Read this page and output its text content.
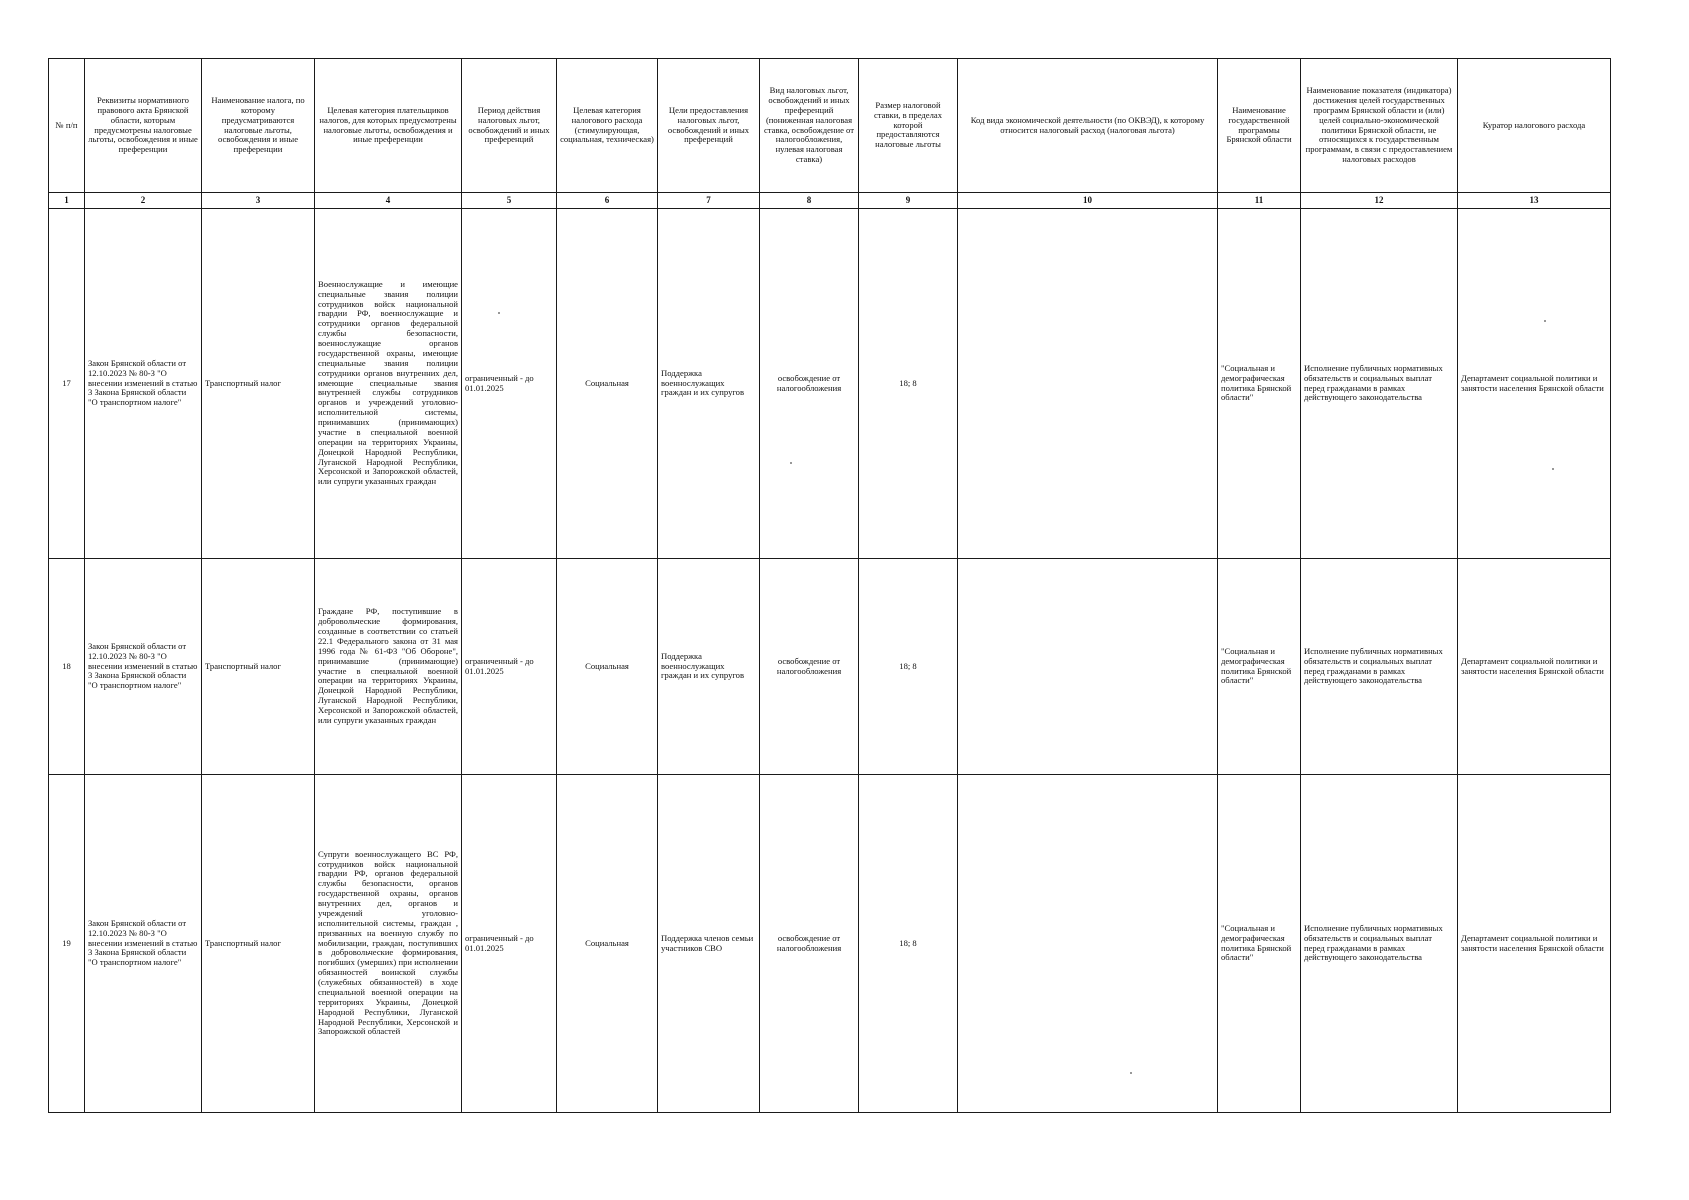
№ п/п	Реквизиты нормативного правового акта Брянской области, которым предусмотрены налоговые льготы, освобождения и иные преференции	Наименование налога, по которому предусматриваются налоговые льготы, освобождения и иные преференции	Целевая категория плательщиков налогов, для которых предусмотрены налоговые льготы, освобождения и иные преференции	Период действия налоговых льгот, освобождений и иных преференций	Целевая категория налогового расхода (стимулирующая, социальная, техническая)	Цели предоставления налоговых льгот, освобождений и иных преференций	Вид налоговых льгот, освобождений и иных преференций (пониженная налоговая ставка, освобождение от налогообложения, нулевая налоговая ставка)	Размер налоговой ставки, в пределах которой предоставляются налоговые льготы	Код вида экономической деятельности (по ОКВЭД), к которому относится налоговый расход (налоговая льгота)	Наименование государственной программы Брянской области	Наименование показателя (индикатора) достижения целей государственных программ Брянской области и (или) целей социально-экономической политики Брянской области, не относящихся к государственным программам, в связи с предоставлением налоговых расходов	Куратор налогового расхода
1	2	3	4	5	6	7	8	9	10	11	12	13
17	Закон Брянской области от 12.10.2023 № 80-З "О внесении изменений в статью 3 Закона Брянской области "О транспортном налоге"	Транспортный налог	Военнослужащие и имеющие специальные звания полиции сотрудников войск национальной гвардии РФ, военнослужащие и сотрудники органов федеральной службы безопасности, военнослужащие органов государственной охраны, имеющие специальные звания полиции сотрудники органов внутренних дел, имеющие специальные звания внутренней службы сотрудников органов и учреждений уголовно-исполнительной системы, принимавших (принимающих) участие в специальной военной операции на территориях Украины, Донецкой Народной Республики, Луганской Народной Республики, Херсонской и Запорожской областей, или супруги указанных граждан	ограниченный - до 01.01.2025	Социальная	Поддержка военнослужащих граждан и их супругов	освобождение от налогообложения	18; 8		"Социальная и демографическая политика Брянской области"	Исполнение публичных нормативных обязательств и социальных выплат перед гражданами в рамках действующего законодательства	Департамент социальной политики и занятости населения Брянской области
18	Закон Брянской области от 12.10.2023 № 80-З "О внесении изменений в статью 3 Закона Брянской области "О транспортном налоге"	Транспортный налог	Граждане РФ, поступившие в добровольческие формирования, созданные в соответствии со статьей 22.1 Федерального закона от 31 мая 1996 года № 61-ФЗ "Об Обороне", принимавшие (принимающие) участие в специальной военной операции на территориях Украины, Донецкой Народной Республики, Луганской Народной Республики, Херсонской и Запорожской областей, или супруги указанных граждан	ограниченный - до 01.01.2025	Социальная	Поддержка военнослужащих граждан и их супругов	освобождение от налогообложения	18; 8		"Социальная и демографическая политика Брянской области"	Исполнение публичных нормативных обязательств и социальных выплат перед гражданами в рамках действующего законодательства	Департамент социальной политики и занятости населения Брянской области
19	Закон Брянской области от 12.10.2023 № 80-З "О внесении изменений в статью 3 Закона Брянской области "О транспортном налоге"	Транспортный налог	Супруги военнослужащего ВС РФ, сотрудников войск национальной гвардии РФ, органов федеральной службы безопасности, органов государственной охраны, органов внутренних дел, органов и учреждений уголовно-исполнительной системы, граждан , призванных на военную службу по мобилизации, граждан, поступивших в добровольческие формирования, погибших (умерших) при исполнении обязанностей воинской службы (служебных обязанностей) в ходе специальной военной операции на территориях Украины, Донецкой Народной Республики, Луганской Народной Республики, Херсонской и Запорожской областей	ограниченный - до 01.01.2025	Социальная	Поддержка членов семьи участников СВО	освобождение от налогообложения	18; 8		"Социальная и демографическая политика Брянской области"	Исполнение публичных нормативных обязательств и социальных выплат перед гражданами в рамках действующего законодательства	Департамент социальной политики и занятости населения Брянской области
